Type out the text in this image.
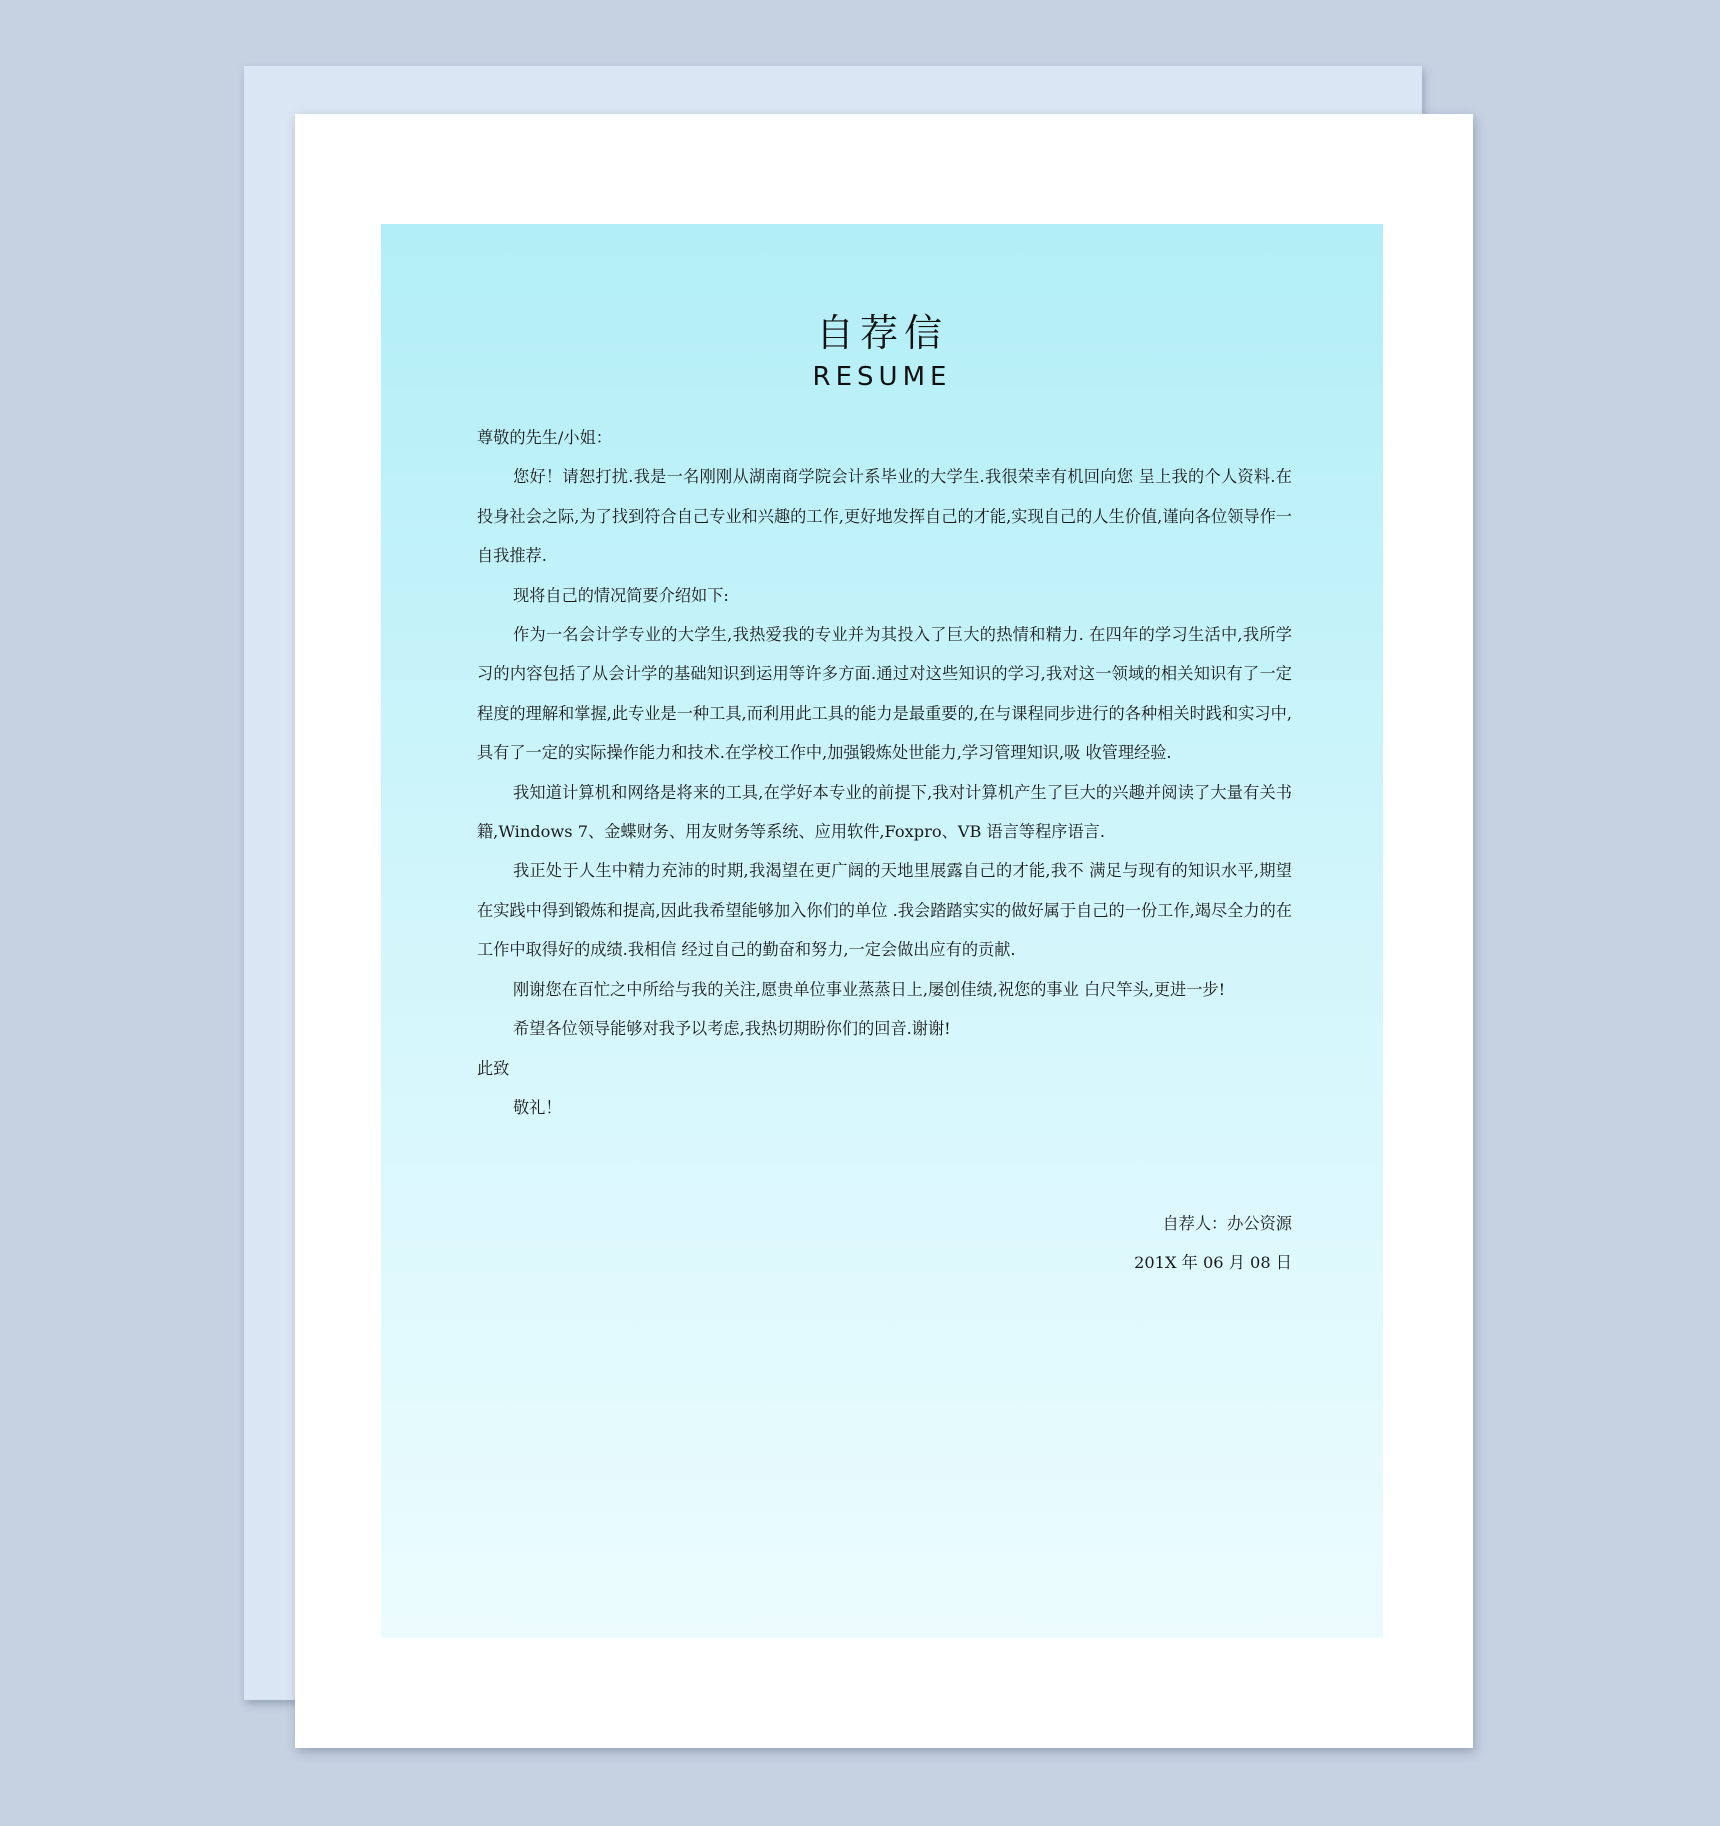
自荐信
RESUME

尊敬的先生/小姐：

您好！请恕打扰.我是一名刚刚从湖南商学院会计系毕业的大学生.我很荣幸有机回向您 呈上我的个人资料.在投身社会之际,为了找到符合自己专业和兴趣的工作,更好地发挥自己的才能,实现自己的人生价值,谨向各位领导作一自我推荐.

现将自己的情况简要介绍如下:

作为一名会计学专业的大学生,我热爱我的专业并为其投入了巨大的热情和精力. 在四年的学习生活中,我所学习的内容包括了从会计学的基础知识到运用等许多方面.通过对这些知识的学习,我对这一领域的相关知识有了一定程度的理解和掌握,此专业是一种工具,而利用此工具的能力是最重要的,在与课程同步进行的各种相关时践和实习中, 具有了一定的实际操作能力和技术.在学校工作中,加强锻炼处世能力,学习管理知识,吸 收管理经验.

我知道计算机和网络是将来的工具,在学好本专业的前提下,我对计算机产生了巨大的兴趣并阅读了大量有关书籍,Windows 7、金蝶财务、用友财务等系统、应用软件,Foxpro、VB 语言等程序语言.

我正处于人生中精力充沛的时期,我渴望在更广阔的天地里展露自己的才能,我不 满足与现有的知识水平,期望在实践中得到锻炼和提高,因此我希望能够加入你们的单位 .我会踏踏实实的做好属于自己的一份工作,竭尽全力的在工作中取得好的成绩.我相信 经过自己的勤奋和努力,一定会做出应有的贡献.

刚谢您在百忙之中所给与我的关注,愿贵单位事业蒸蒸日上,屡创佳绩,祝您的事业 白尺竿头,更进一步!

希望各位领导能够对我予以考虑,我热切期盼你们的回音.谢谢!

此致

敬礼！

自荐人：办公资源
201X 年 06 月 08 日
